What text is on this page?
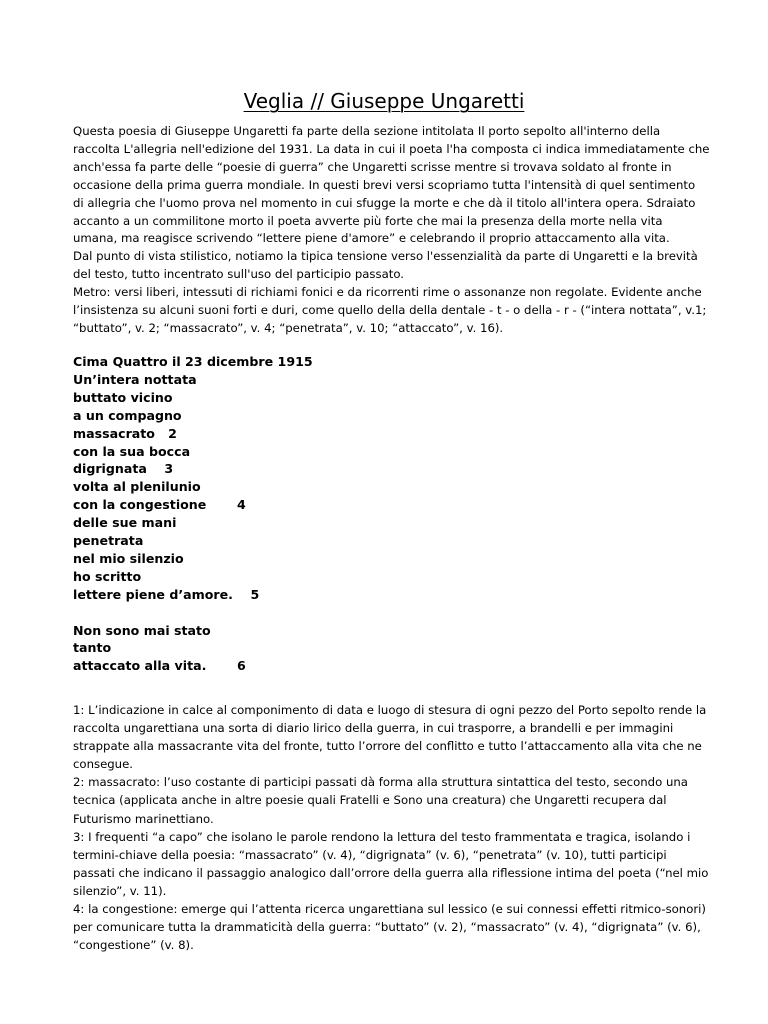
Veglia // Giuseppe Ungaretti

Questa poesia di Giuseppe Ungaretti fa parte della sezione intitolata Il porto sepolto all'interno della

raccolta L'allegria nell'edizione del 1931. La data in cui il poeta l'ha composta ci indica immediatamente che

anch'essa fa parte delle “poesie di guerra” che Ungaretti scrisse mentre si trovava soldato al fronte in

occasione della prima guerra mondiale. In questi brevi versi scopriamo tutta l'intensità di quel sentimento

di allegria che l'uomo prova nel momento in cui sfugge la morte e che dà il titolo all'intera opera. Sdraiato

accanto a un commilitone morto il poeta avverte più forte che mai la presenza della morte nella vita

umana, ma reagisce scrivendo “lettere piene d'amore” e celebrando il proprio attaccamento alla vita.

Dal punto di vista stilistico, notiamo la tipica tensione verso l'essenzialità da parte di Ungaretti e la brevità

del testo, tutto incentrato sull'uso del participio passato.

Metro: versi liberi, intessuti di richiami fonici e da ricorrenti rime o assonanze non regolate. Evidente anche

l’insistenza su alcuni suoni forti e duri, come quello della della dentale - t - o della - r - (“intera nottata”, v.1;

“buttato”, v. 2; “massacrato”, v. 4; “penetrata”, v. 10; “attaccato”, v. 16).

Cima Quattro il 23 dicembre 1915

Un’intera nottata

buttato vicino

a un compagno

massacrato   2

con la sua bocca

digrignata    3

volta al plenilunio

con la congestione       4

delle sue mani

penetrata

nel mio silenzio

ho scritto

lettere piene d’amore.    5

Non sono mai stato

tanto

attaccato alla vita.       6

1: L’indicazione in calce al componimento di data e luogo di stesura di ogni pezzo del Porto sepolto rende la

raccolta ungarettiana una sorta di diario lirico della guerra, in cui trasporre, a brandelli e per immagini

strappate alla massacrante vita del fronte, tutto l’orrore del conflitto e tutto l’attaccamento alla vita che ne

consegue.

2: massacrato: l’uso costante di participi passati dà forma alla struttura sintattica del testo, secondo una

tecnica (applicata anche in altre poesie quali Fratelli e Sono una creatura) che Ungaretti recupera dal

Futurismo marinettiano.

3: I frequenti “a capo” che isolano le parole rendono la lettura del testo frammentata e tragica, isolando i

termini-chiave della poesia: “massacrato” (v. 4), “digrignata” (v. 6), “penetrata” (v. 10), tutti participi

passati che indicano il passaggio analogico dall’orrore della guerra alla riflessione intima del poeta (“nel mio

silenzio”, v. 11).

4: la congestione: emerge qui l’attenta ricerca ungarettiana sul lessico (e sui connessi effetti ritmico-sonori)

per comunicare tutta la drammaticità della guerra: “buttato” (v. 2), “massacrato” (v. 4), “digrignata” (v. 6),

“congestione” (v. 8).
